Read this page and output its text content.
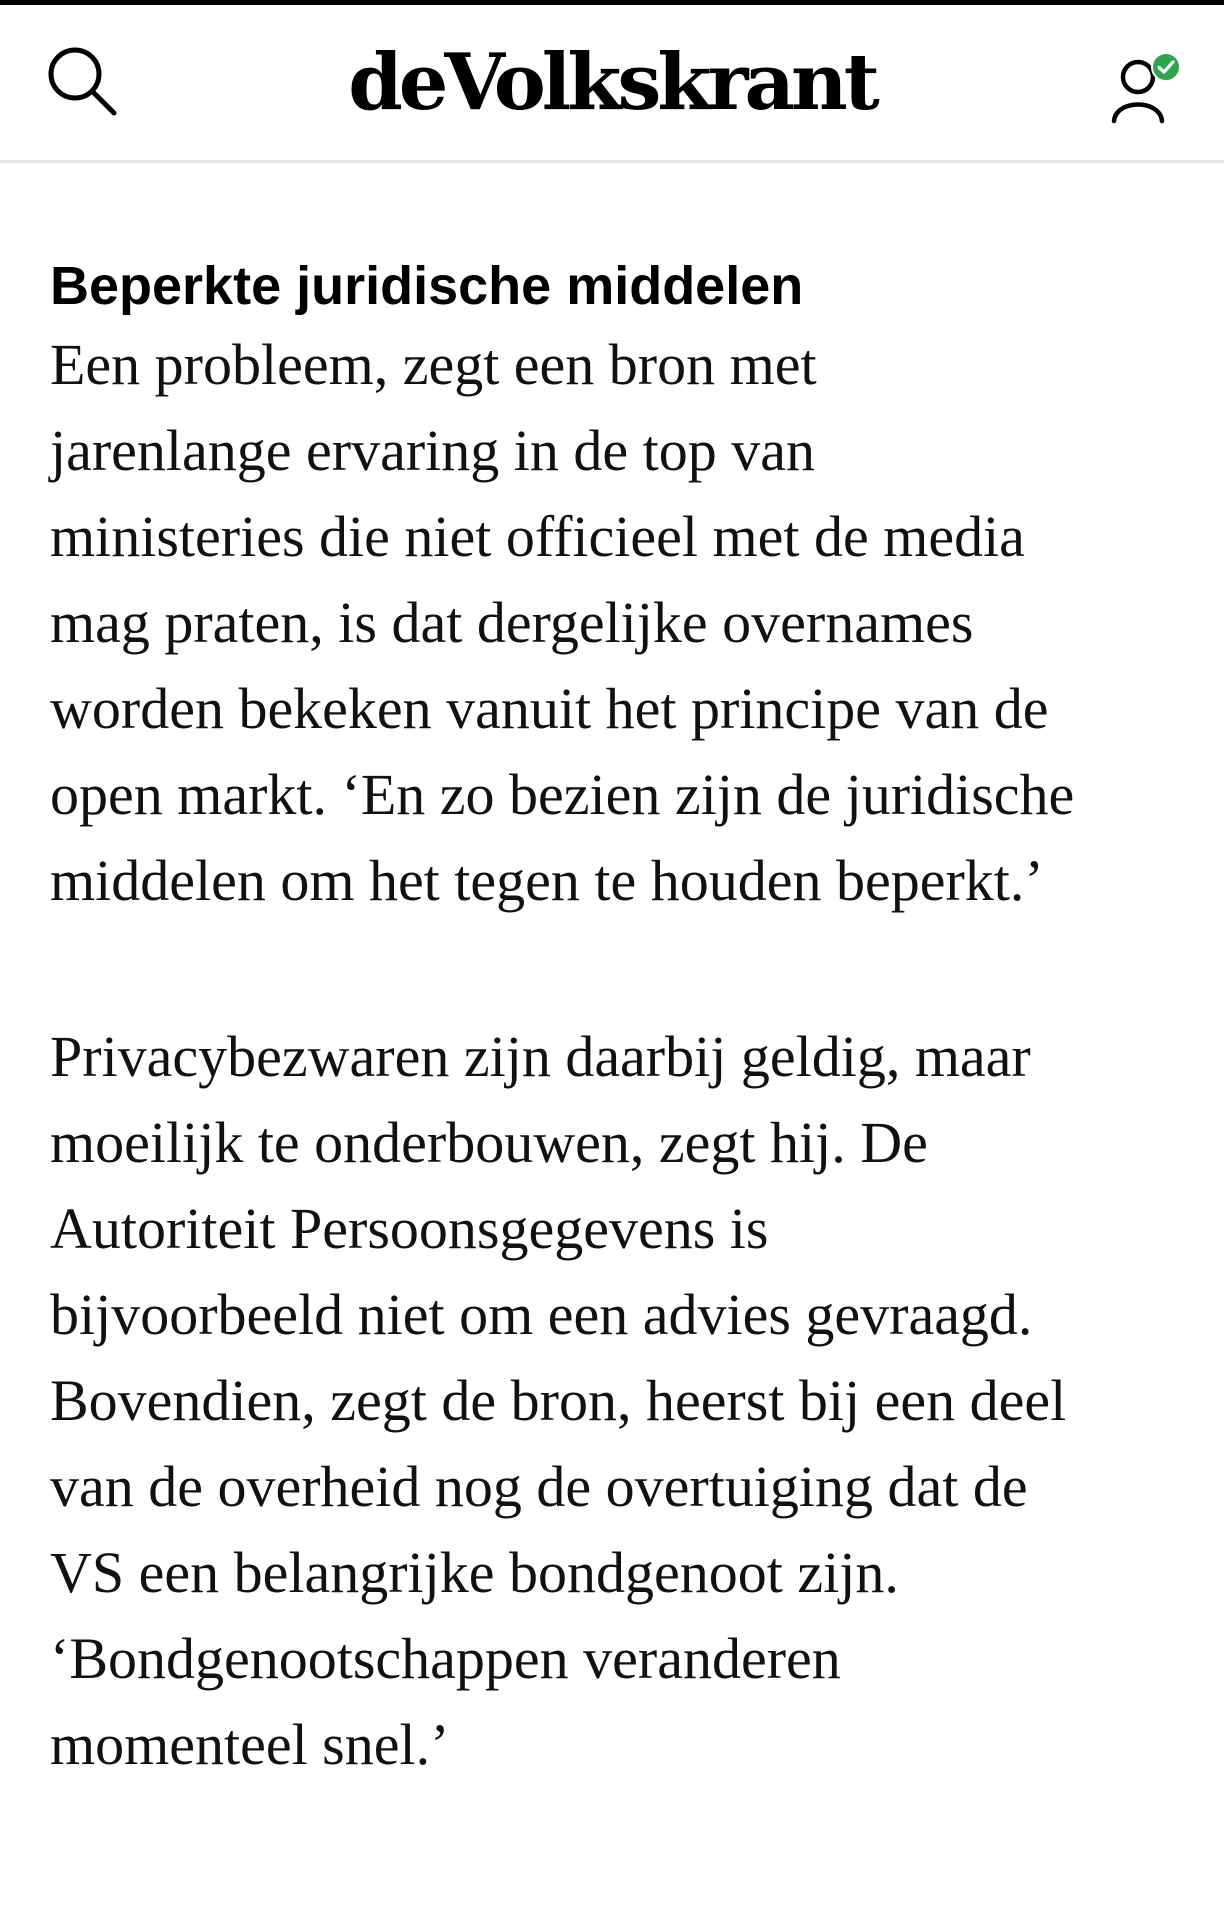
deVolkskrant
Beperkte juridische middelen

Een probleem, zegt een bron met
jarenlange ervaring in de top van
ministeries die niet officieel met de media
mag praten, is dat dergelijke overnames
worden bekeken vanuit het principe van de
open markt. ‘En zo bezien zijn de juridische
middelen om het tegen te houden beperkt.’

Privacybezwaren zijn daarbij geldig, maar
moeilijk te onderbouwen, zegt hij. De
Autoriteit Persoonsgegevens is
bijvoorbeeld niet om een advies gevraagd.
Bovendien, zegt de bron, heerst bij een deel
van de overheid nog de overtuiging dat de
VS een belangrijke bondgenoot zijn.
‘Bondgenootschappen veranderen
momenteel snel.’
